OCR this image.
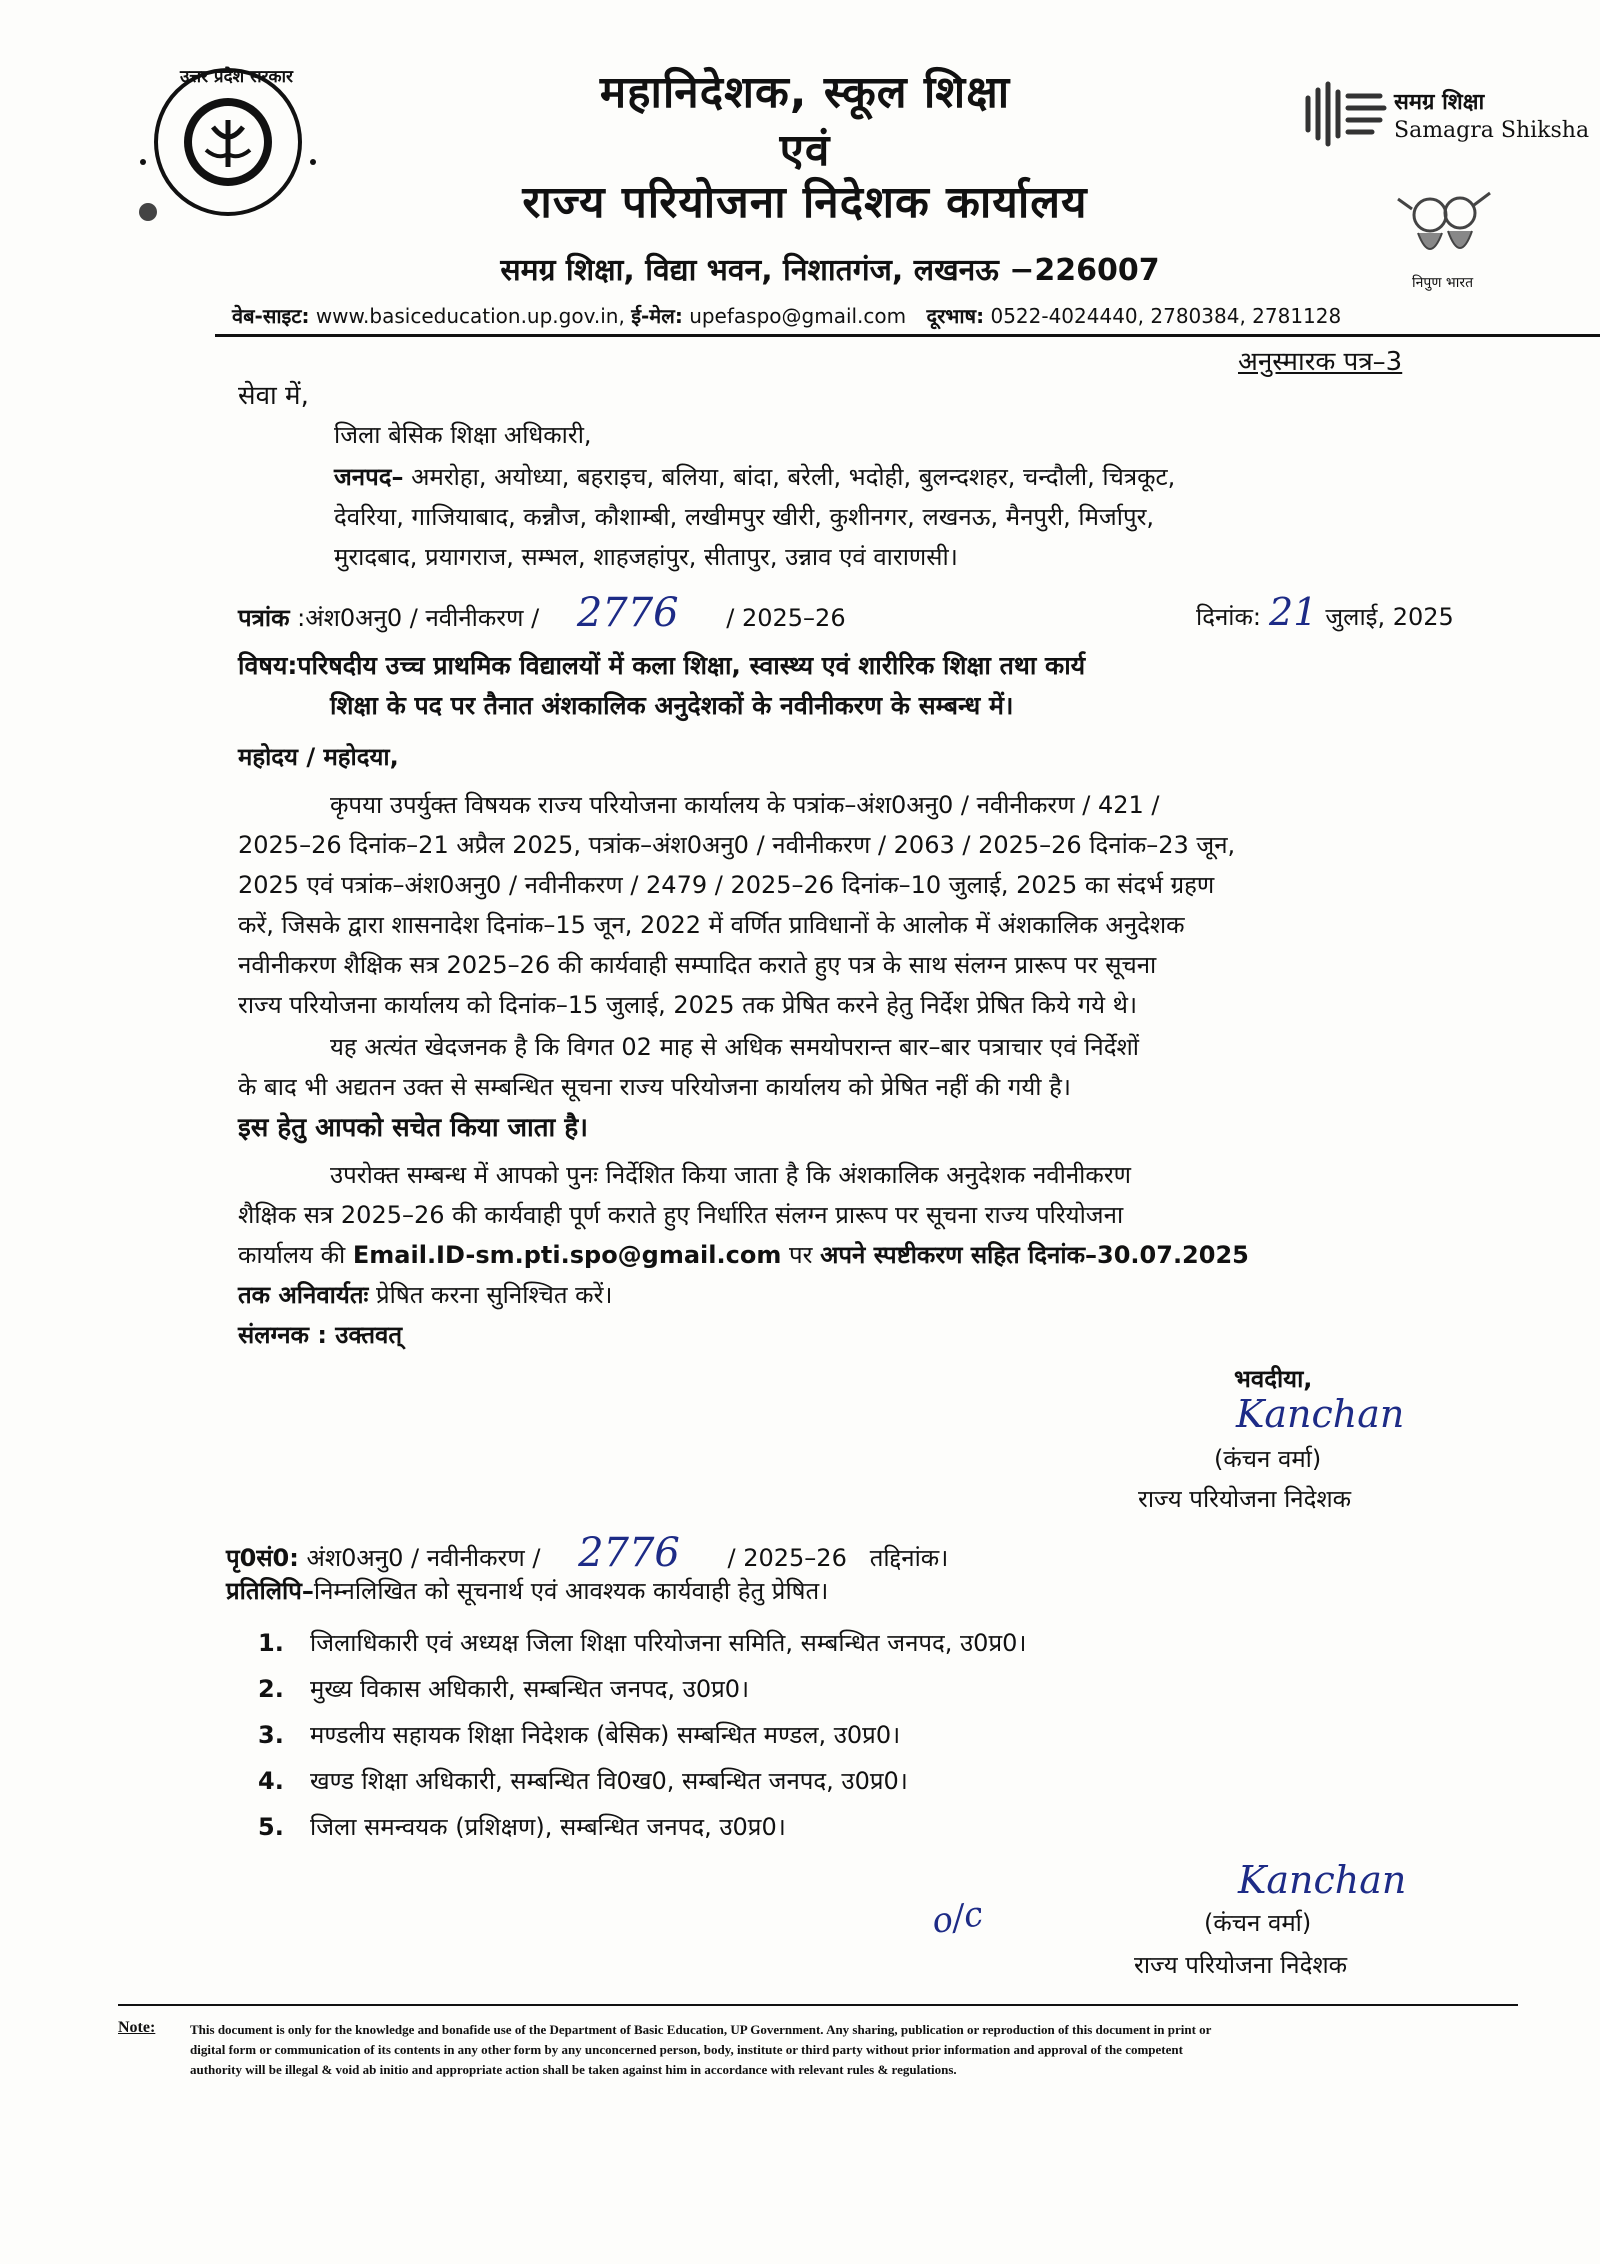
उत्तर प्रदेश सरकार	महानिदेशक, स्कूल शिक्षा
एवं
राज्य परियोजना निदेशक कार्यालय
समग्र शिक्षा, विद्या भवन, निशातगंज, लखनऊ −226007
समग्र शिक्षा
Samagra Shiksha
निपुण भारत
वेब-साइट: www.basiceducation.up.gov.in, ई-मेल: upefaspo@gmail.com दूरभाष: 0522-4024440, 2780384, 2781128
अनुस्मारक पत्र–3
सेवा में,
जिला बेसिक शिक्षा अधिकारी,
जनपद– अमरोहा, अयोध्या, बहराइच, बलिया, बांदा, बरेली, भदोही, बुलन्दशहर, चन्दौली, चित्रकूट,
देवरिया, गाजियाबाद, कन्नौज, कौशाम्बी, लखीमपुर खीरी, कुशीनगर, लखनऊ, मैनपुरी, मिर्जापुर,
मुरादबाद, प्रयागराज, सम्भल, शाहजहांपुर, सीतापुर, उन्नाव एवं वाराणसी।
पत्रांक :अंश0अनु0 / नवीनीकरण / 2776 / 2025–26	दिनांक: 21 जुलाई, 2025
विषय:परिषदीय उच्च प्राथमिक विद्यालयों में कला शिक्षा, स्वास्थ्य एवं शारीरिक शिक्षा तथा कार्य
शिक्षा के पद पर तैनात अंशकालिक अनुदेशकों के नवीनीकरण के सम्बन्ध में।
महोदय / महोदया,
कृपया उपर्युक्त विषयक राज्य परियोजना कार्यालय के पत्रांक–अंश0अनु0 / नवीनीकरण / 421 /
2025–26 दिनांक–21 अप्रैल 2025, पत्रांक–अंश0अनु0 / नवीनीकरण / 2063 / 2025–26 दिनांक–23 जून,
2025 एवं पत्रांक–अंश0अनु0 / नवीनीकरण / 2479 / 2025–26 दिनांक–10 जुलाई, 2025 का संदर्भ ग्रहण
करें, जिसके द्वारा शासनादेश दिनांक–15 जून, 2022 में वर्णित प्राविधानों के आलोक में अंशकालिक अनुदेशक
नवीनीकरण शैक्षिक सत्र 2025–26 की कार्यवाही सम्पादित कराते हुए पत्र के साथ संलग्न प्रारूप पर सूचना
राज्य परियोजना कार्यालय को दिनांक–15 जुलाई, 2025 तक प्रेषित करने हेतु निर्देश प्रेषित किये गये थे।
यह अत्यंत खेदजनक है कि विगत 02 माह से अधिक समयोपरान्त बार–बार पत्राचार एवं निर्देशों
के बाद भी अद्यतन उक्त से सम्बन्धित सूचना राज्य परियोजना कार्यालय को प्रेषित नहीं की गयी है।
इस हेतु आपको सचेत किया जाता है।
उपरोक्त सम्बन्ध में आपको पुनः निर्देशित किया जाता है कि अंशकालिक अनुदेशक नवीनीकरण
शैक्षिक सत्र 2025–26 की कार्यवाही पूर्ण कराते हुए निर्धारित संलग्न प्रारूप पर सूचना राज्य परियोजना
कार्यालय की Email.ID-sm.pti.spo@gmail.com पर अपने स्पष्टीकरण सहित दिनांक–30.07.2025
तक अनिवार्यतः प्रेषित करना सुनिश्चित करें।
संलग्नक : उक्तवत्
भवदीया,
Kanchan
(कंचन वर्मा)
राज्य परियोजना निदेशक
पृ0सं0: अंश0अनु0 / नवीनीकरण / 2776 / 2025–26   तद्दिनांक।
प्रतिलिपि–निम्नलिखित को सूचनार्थ एवं आवश्यक कार्यवाही हेतु प्रेषित।
1. जिलाधिकारी एवं अध्यक्ष जिला शिक्षा परियोजना समिति, सम्बन्धित जनपद, उ0प्र0।
2. मुख्य विकास अधिकारी, सम्बन्धित जनपद, उ0प्र0।
3. मण्डलीय सहायक शिक्षा निदेशक (बेसिक) सम्बन्धित मण्डल, उ0प्र0।
4. खण्ड शिक्षा अधिकारी, सम्बन्धित वि0ख0, सम्बन्धित जनपद, उ0प्र0।
5. जिला समन्वयक (प्रशिक्षण), सम्बन्धित जनपद, उ0प्र0।
o/c
Kanchan
(कंचन वर्मा)
राज्य परियोजना निदेशक
Note:	This document is only for the knowledge and bonafide use of the Department of Basic Education, UP Government. Any sharing, publication or reproduction of this document in print or
digital form or communication of its contents in any other form by any unconcerned person, body, institute or third party without prior information and approval of the competent
authority will be illegal & void ab initio and appropriate action shall be taken against him in accordance with relevant rules & regulations.
